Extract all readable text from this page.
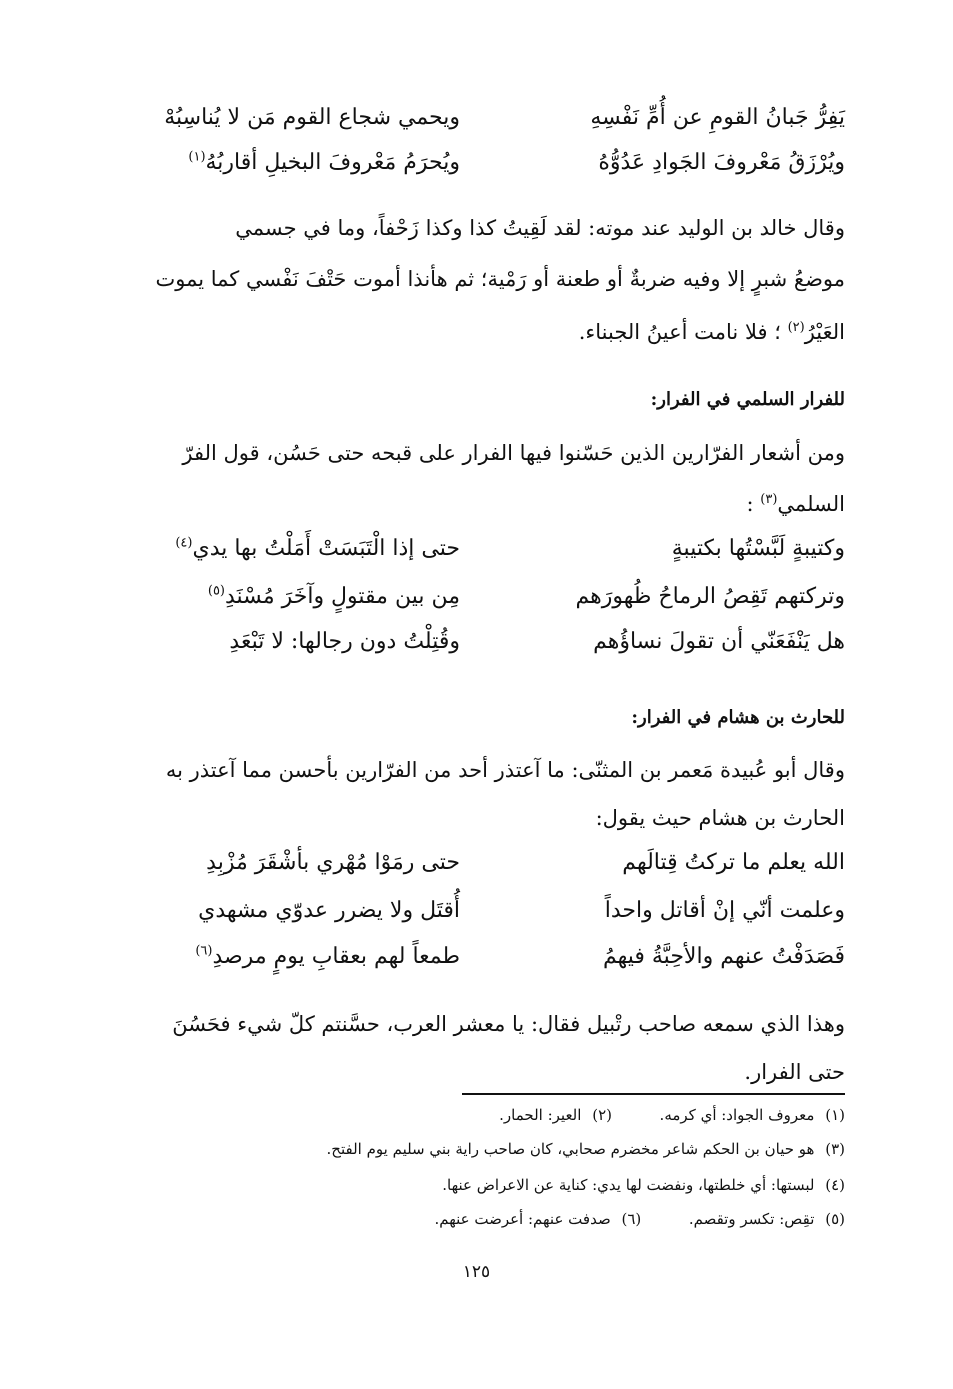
يَفِرُّ جَبانُ القومِ عن أُمِّ نَفْسِهِ
ويحمي شجاع القوم مَن لا يُناسِبُهْ
ويُرْزَقُ مَعْروفَ الجَوادِ عَدُوُّهُ
ويُحرَمُ مَعْروفَ البخيلِ أقاربُهُ$^{(١)}$
وقال خالد بن الوليد عند موته: لقد لَقِيتُ كذا وكذا زَحْفاً، وما في جسمي
موضعُ شبرٍ إلا وفيه ضربةٌ أو طعنة أو رَمْية؛ ثم هأنذا أموت حَتْفَ نَفْسي كما يموت
العَيْرُ$^{(٢)}$ ؛ فلا نامت أعينُ الجبناء.
للفرار السلمي في الفرار:
ومن أشعار الفرّارين الذين حَسّنوا فيها الفرار على قبحه حتى حَسُن، قول الفرّ
السلمي$^{(٣)}$ :
وكتيبةٍ لَبَّسْتُها بكتيبةٍ
حتى إذا الْتَبَسَتْ أَمَلْتُ بها يدي$^{(٤)}$
وتركتهم تَقِصُ الرماحُ ظُهورَهم
مِن بين مقتولٍ وآخَرَ مُسْنَدِ$^{(٥)}$
هل يَنْفَعَنّي أن تقولَ نساؤُهم
وقُتِلْتُ دون رجالها: لا تَبْعَدِ
للحارث بن هشام في الفرار:
وقال أبو عُبيدة مَعمر بن المثنّى: ما آعتذر أحد من الفرّارين بأحسن مما آعتذر به
الحارث بن هشام حيث يقول:
الله يعلم ما تركتُ قِتالَهم
حتى رمَوْا مُهْري بأشْقَرَ مُزْبِدِ
وعلمت أنّي إنْ أقاتل واحداً
أُقتَل ولا يضرر عدوّي مشهدي
فَصَدَفْتُ عنهم والأحِبَّةُ فيهمُ
طمعاً لهم بعقابِ يومٍ مرصدِ$^{(٦)}$
وهذا الذي سمعه صاحب رتْبيل فقال: يا معشر العرب، حسَّنتم كلّ شيء فحَسُنَ
حتى الفرار.
(١) معروف الجواد: أي كرمه.  (٢) العير: الحمار.
(٣) هو حيان بن الحكم شاعر مخضرم صحابي، كان صاحب راية بني سليم يوم الفتح.
(٤) لبستها: أي خلطتها، ونفضت لها يدي: كناية عن الاعراض عنها.
(٥) تقِص: تكسر وتقصم.  (٦) صدفت عنهم: أعرضت عنهم.
١٢٥
